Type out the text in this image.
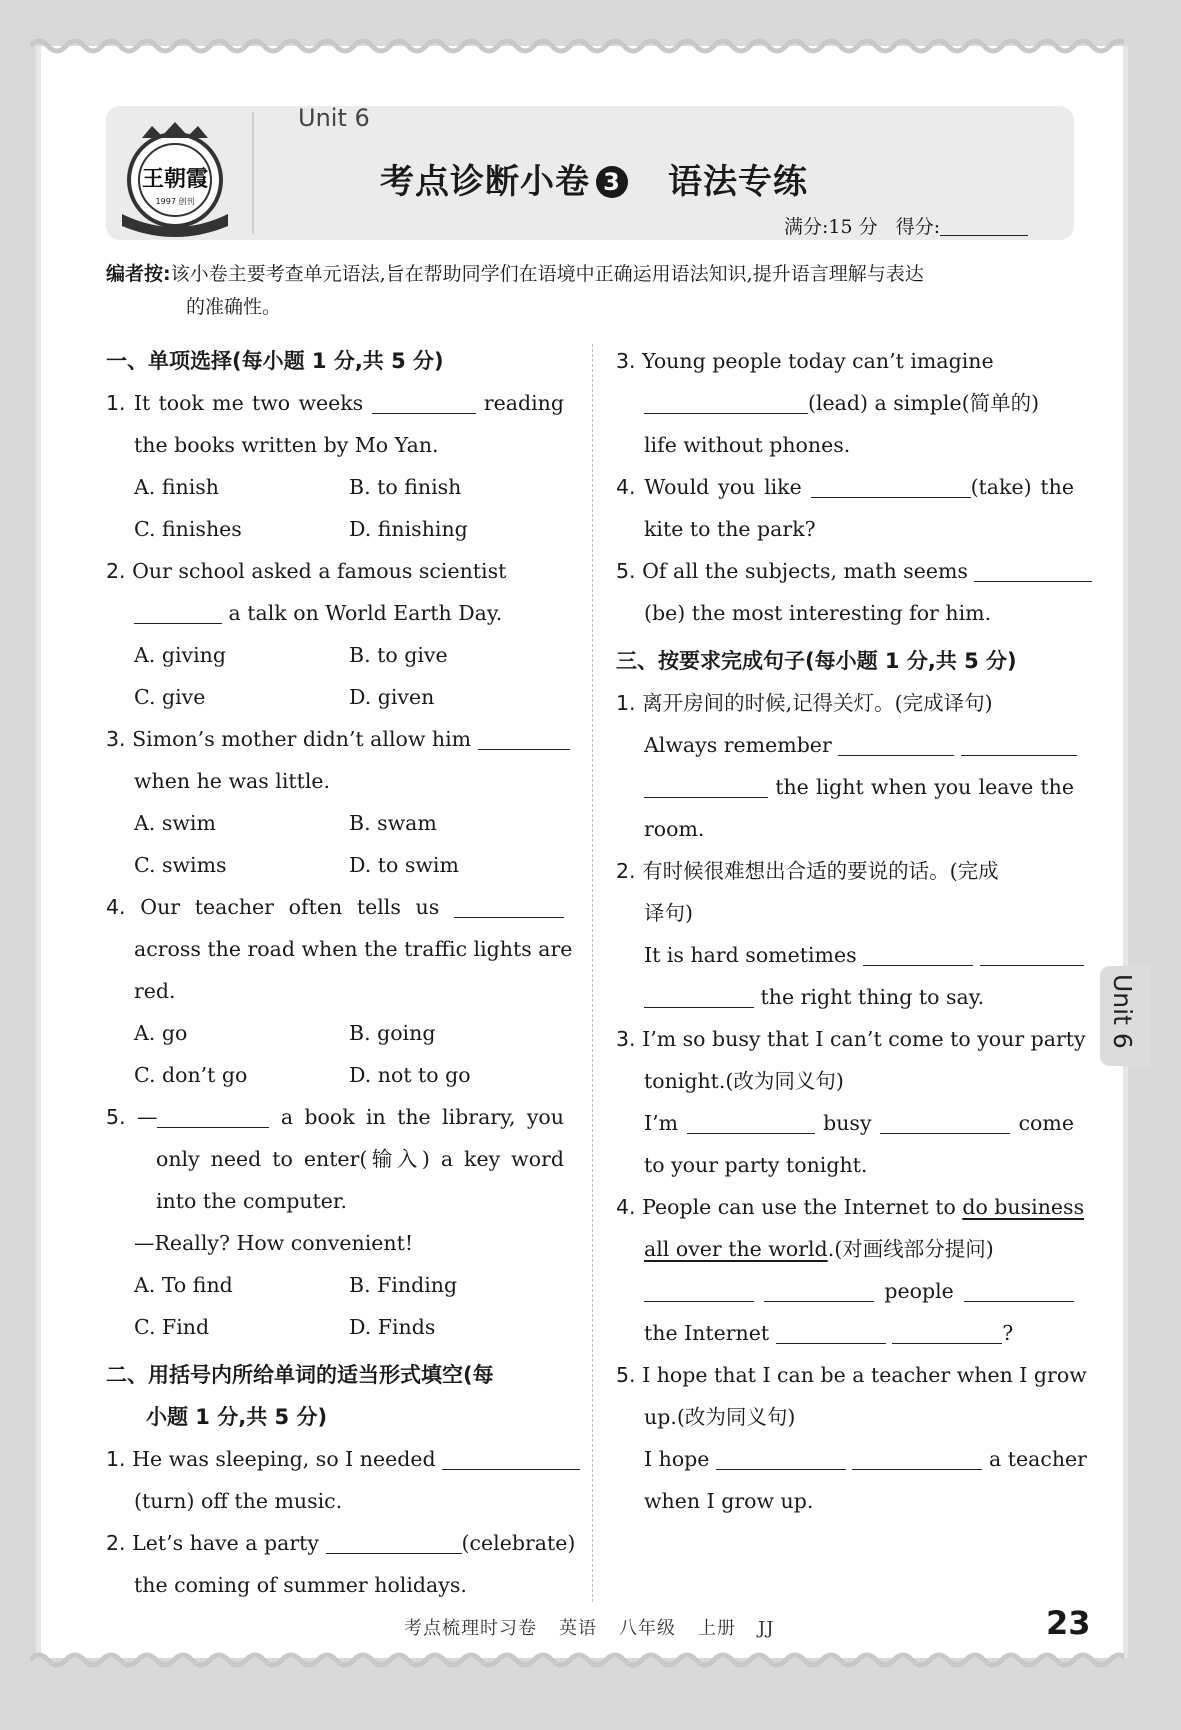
Unit 6
王朝霞
1997 创刊	考点诊断小卷 3 语法专练
满分:15 分 得分:
编者按:该小卷主要考查单元语法,旨在帮助同学们在语境中正确运用语法知识,提升语言理解与表达
的准确性。
一、单项选择(每小题 1 分,共 5 分)
1. It took me two weeks	reading
the books written by Mo Yan.
A. finish	B. to finish
C. finishes	D. finishing
2. Our school asked a famous scientist
a talk on World Earth Day.
A. giving	B. to give
C. give	D. given
3. Simon’s mother didn’t allow him
when he was little.
A. swim	B. swam
C. swims	D. to swim
4. Our teacher often tells us
across the road when the traffic lights are
red.
A. go	B. going
C. don’t go	D. not to go
5. —	a book in the library, you
only need to enter(输入) a key word
into the computer.
—Really? How convenient!
A. To find	B. Finding
C. Find	D. Finds
二、用括号内所给单词的适当形式填空(每
小题 1 分,共 5 分)
1. He was sleeping, so I needed
(turn) off the music.
2. Let’s have a party	(celebrate)
the coming of summer holidays.
3. Young people today can’t imagine
(lead) a simple(简单的)
life without phones.
4. Would you like	(take) the
kite to the park?
5. Of all the subjects, math seems
(be) the most interesting for him.
三、按要求完成句子(每小题 1 分,共 5 分)
1. 离开房间的时候,记得关灯。(完成译句)
Always remember
the light when you leave the
room.
2. 有时候很难想出合适的要说的话。(完成
译句)
It is hard sometimes
the right thing to say.
3. I’m so busy that I can’t come to your party
tonight.(改为同义句)
I’m	busy	come
to your party tonight.
4. People can use the Internet to do business
all over the world.(对画线部分提问)
people
the Internet	?
5. I hope that I can be a teacher when I grow
up.(改为同义句)
I hope	a teacher
when I grow up.
Unit 6
考点梳理时习卷 英语 八年级 上册 JJ	23
